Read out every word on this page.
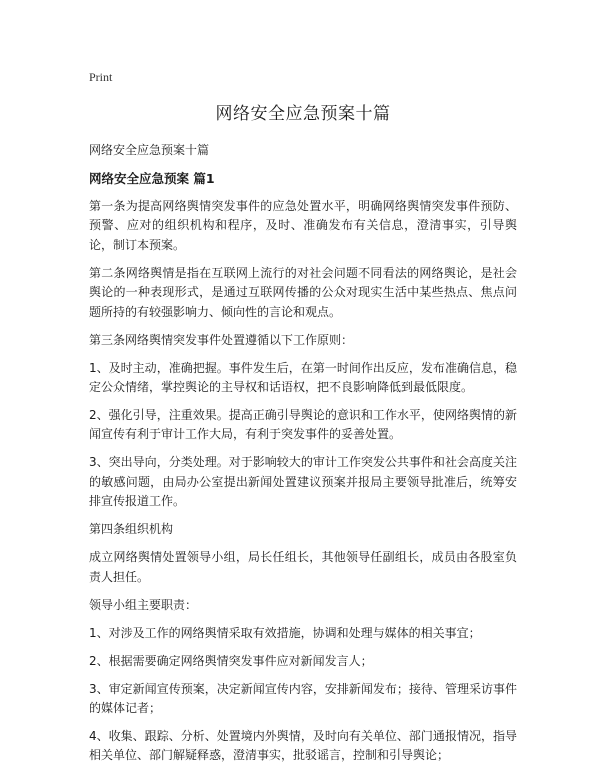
Print
网络安全应急预案十篇

网络安全应急预案十篇

网络安全应急预案 篇1

第一条为提高网络舆情突发事件的应急处置水平，明确网络舆情突发事件预防、预警、应对的组织机构和程序，及时、准确发布有关信息，澄清事实，引导舆论，制订本预案。

第二条网络舆情是指在互联网上流行的对社会问题不同看法的网络舆论，是社会舆论的一种表现形式，是通过互联网传播的公众对现实生活中某些热点、焦点问题所持的有较强影响力、倾向性的言论和观点。

第三条网络舆情突发事件处置遵循以下工作原则：

1、及时主动，准确把握。事件发生后，在第一时间作出反应，发布准确信息，稳定公众情绪，掌控舆论的主导权和话语权，把不良影响降低到最低限度。

2、强化引导，注重效果。提高正确引导舆论的意识和工作水平，使网络舆情的新闻宣传有利于审计工作大局，有利于突发事件的妥善处置。

3、突出导向，分类处理。对于影响较大的审计工作突发公共事件和社会高度关注的敏感问题，由局办公室提出新闻处置建议预案并报局主要领导批准后，统筹安排宣传报道工作。

第四条组织机构

成立网络舆情处置领导小组，局长任组长，其他领导任副组长，成员由各股室负责人担任。

领导小组主要职责：

1、对涉及工作的网络舆情采取有效措施，协调和处理与媒体的相关事宜；

2、根据需要确定网络舆情突发事件应对新闻发言人；

3、审定新闻宣传预案，决定新闻宣传内容，安排新闻发布；接待、管理采访事件的媒体记者；

4、收集、跟踪、分析、处置境内外舆情，及时向有关单位、部门通报情况，指导相关单位、部门解疑释惑，澄清事实，批驳谣言，控制和引导舆论；
